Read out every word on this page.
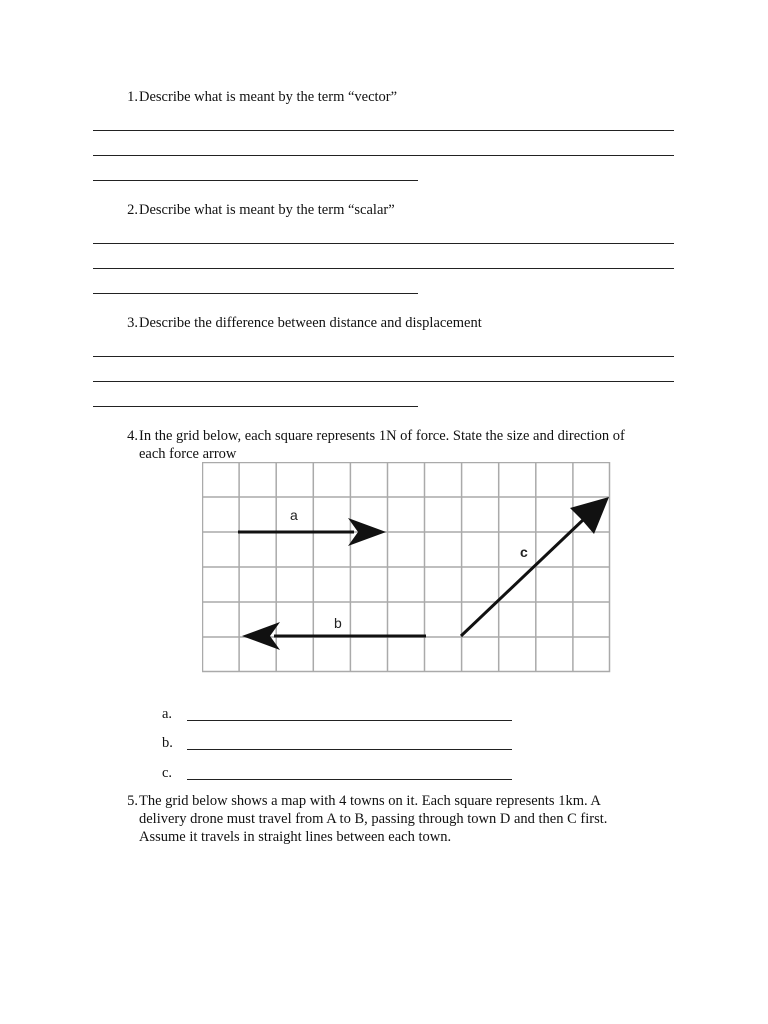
1. Describe what is meant by the term “vector”
2. Describe what is meant by the term “scalar”
3. Describe the difference between distance and displacement
4. In the grid below, each square represents 1N of force. State the size and direction of
each force arrow
a
b
c
a.
b.
c.
5. The grid below shows a map with 4 towns on it. Each square represents 1km. A
delivery drone must travel from A to B, passing through town D and then C first.
Assume it travels in straight lines between each town.
